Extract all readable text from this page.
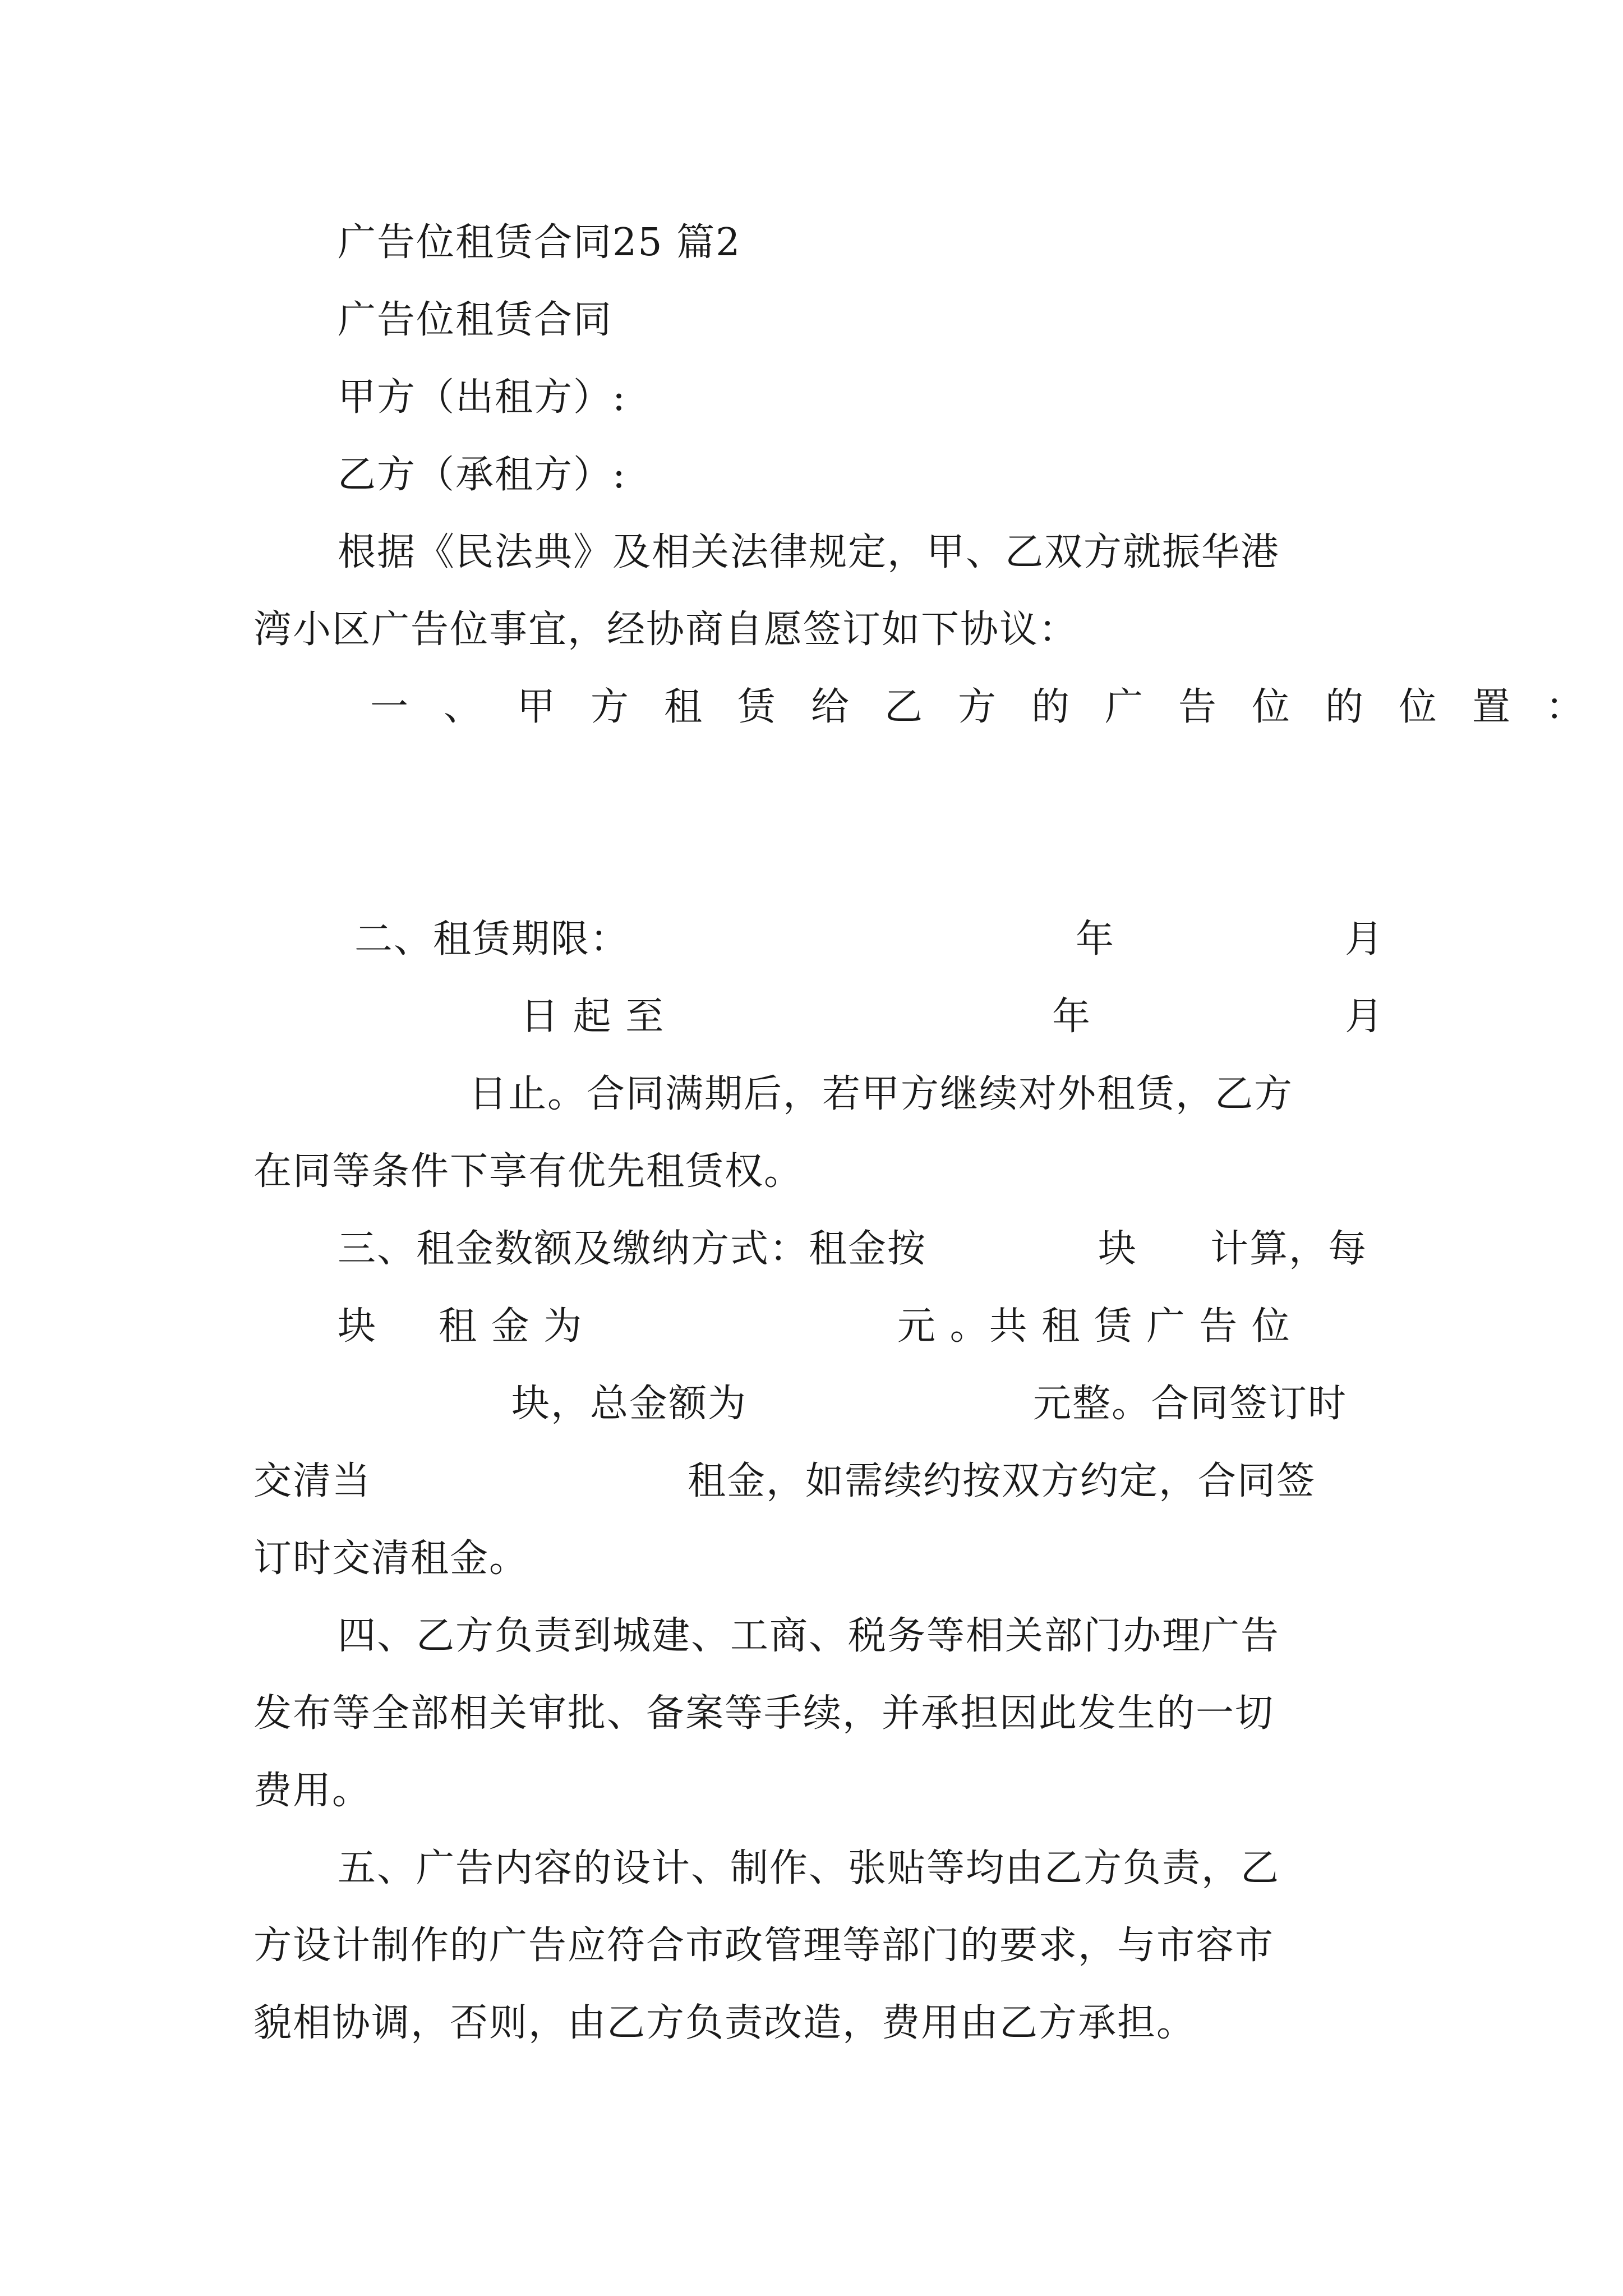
广告位租赁合同25 篇2
广告位租赁合同
甲方（出租方）:
乙方（承租方）:
根据《民法典》及相关法律规定，甲、乙双方就振华港
湾小区广告位事宜，经协商自愿签订如下协议：
一、甲方租赁给乙方的广告位的位置：
二、租赁期限：	年	月
日 起 至	年	月
日止。合同满期后，若甲方继续对外租赁，乙方
在同等条件下享有优先租赁权。
三、租金数额及缴纳方式：租金按	块 计算，每
块 租 金 为	元 。共 租 赁 广 告 位
块，总金额为	元整。合同签订时
交清当	租金，如需续约按双方约定，合同签
订时交清租金。
四、乙方负责到城建、工商、税务等相关部门办理广告
发布等全部相关审批、备案等手续，并承担因此发生的一切
费用。
五、广告内容的设计、制作、张贴等均由乙方负责，乙
方设计制作的广告应符合市政管理等部门的要求，与市容市
貌相协调，否则，由乙方负责改造，费用由乙方承担。
